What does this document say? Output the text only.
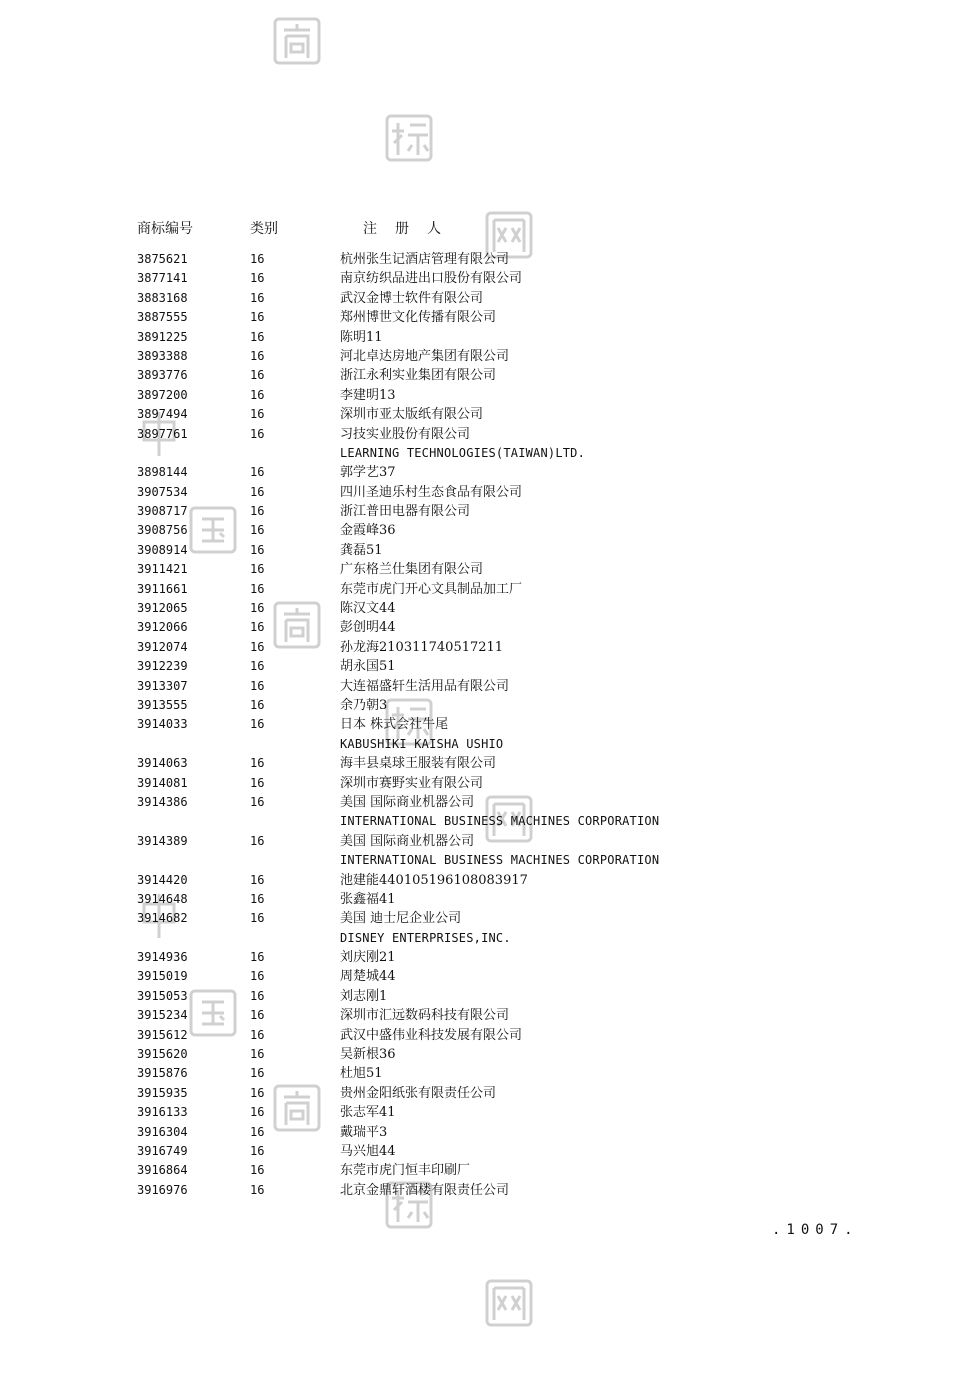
商标编号	类别	注册人
3875621	16	杭州张生记酒店管理有限公司
3877141	16	南京纺织品进出口股份有限公司
3883168	16	武汉金博士软件有限公司
3887555	16	郑州博世文化传播有限公司
3891225	16	陈明11
3893388	16	河北卓达房地产集团有限公司
3893776	16	浙江永利实业集团有限公司
3897200	16	李建明13
3897494	16	深圳市亚太版纸有限公司
3897761	16	习技实业股份有限公司
LEARNING TECHNOLOGIES(TAIWAN)LTD.
3898144	16	郭学艺37
3907534	16	四川圣迪乐村生态食品有限公司
3908717	16	浙江普田电器有限公司
3908756	16	金霞峰36
3908914	16	龚磊51
3911421	16	广东格兰仕集团有限公司
3911661	16	东莞市虎门开心文具制品加工厂
3912065	16	陈汉文44
3912066	16	彭创明44
3912074	16	孙龙海210311740517211
3912239	16	胡永国51
3913307	16	大连福盛轩生活用品有限公司
3913555	16	余乃朝3
3914033	16	日本 株式会社牛尾
KABUSHIKI KAISHA USHIO
3914063	16	海丰县桌球王服装有限公司
3914081	16	深圳市赛野实业有限公司
3914386	16	美国 国际商业机器公司
INTERNATIONAL BUSINESS MACHINES CORPORATION
3914389	16	美国 国际商业机器公司
INTERNATIONAL BUSINESS MACHINES CORPORATION
3914420	16	池建能440105196108083917
3914648	16	张鑫福41
3914682	16	美国 迪士尼企业公司
DISNEY ENTERPRISES,INC.
3914936	16	刘庆刚21
3915019	16	周楚城44
3915053	16	刘志刚1
3915234	16	深圳市汇远数码科技有限公司
3915612	16	武汉中盛伟业科技发展有限公司
3915620	16	吴新根36
3915876	16	杜旭51
3915935	16	贵州金阳纸张有限责任公司
3916133	16	张志军41
3916304	16	戴瑞平3
3916749	16	马兴旭44
3916864	16	东莞市虎门恒丰印刷厂
3916976	16	北京金鼎轩酒楼有限责任公司
.1007.
